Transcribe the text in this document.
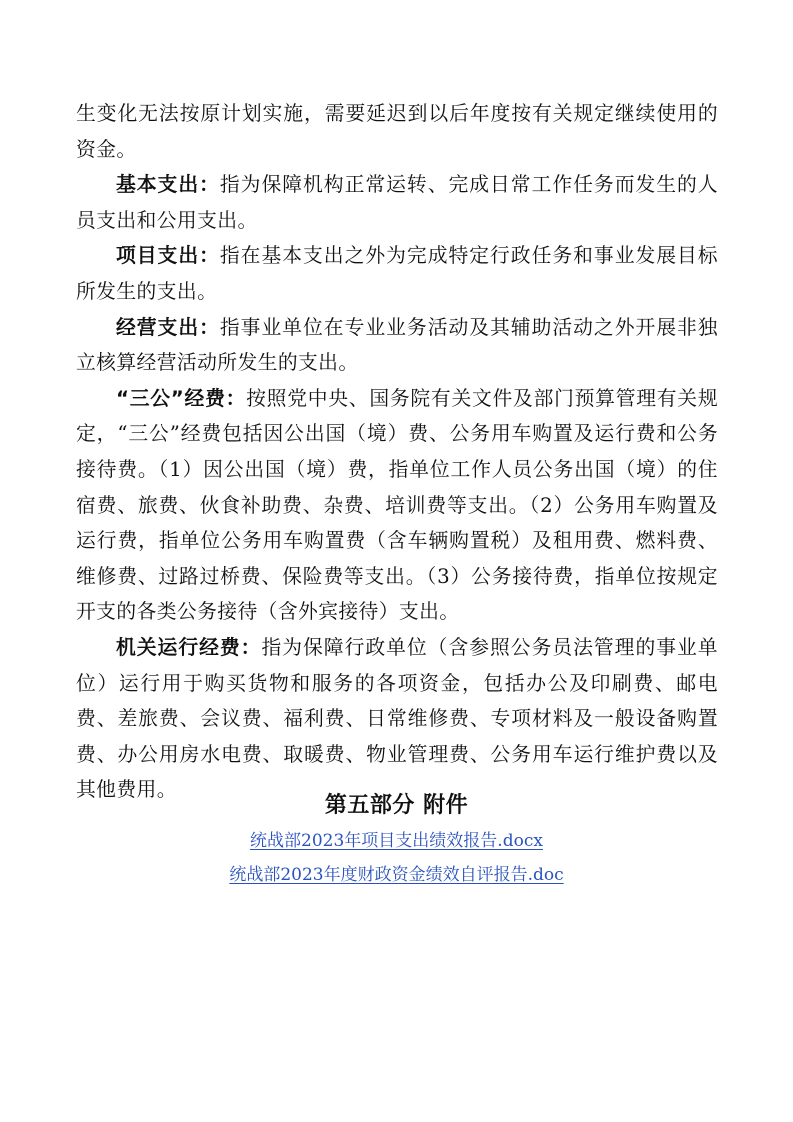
生变化无法按原计划实施，需要延迟到以后年度按有关规定继续使用的资金。

基本支出：指为保障机构正常运转、完成日常工作任务而发生的人员支出和公用支出。

项目支出：指在基本支出之外为完成特定行政任务和事业发展目标所发生的支出。

经营支出：指事业单位在专业业务活动及其辅助活动之外开展非独立核算经营活动所发生的支出。

“三公”经费：按照党中央、国务院有关文件及部门预算管理有关规定，“三公”经费包括因公出国（境）费、公务用车购置及运行费和公务接待费。（1）因公出国（境）费，指单位工作人员公务出国（境）的住宿费、旅费、伙食补助费、杂费、培训费等支出。（2）公务用车购置及运行费，指单位公务用车购置费（含车辆购置税）及租用费、燃料费、维修费、过路过桥费、保险费等支出。（3）公务接待费，指单位按规定开支的各类公务接待（含外宾接待）支出。

机关运行经费：指为保障行政单位（含参照公务员法管理的事业单位）运行用于购买货物和服务的各项资金，包括办公及印刷费、邮电费、差旅费、会议费、福利费、日常维修费、专项材料及一般设备购置费、办公用房水电费、取暖费、物业管理费、公务用车运行维护费以及其他费用。

第五部分 附件
统战部2023年项目支出绩效报告.docx
统战部2023年度财政资金绩效自评报告.doc
